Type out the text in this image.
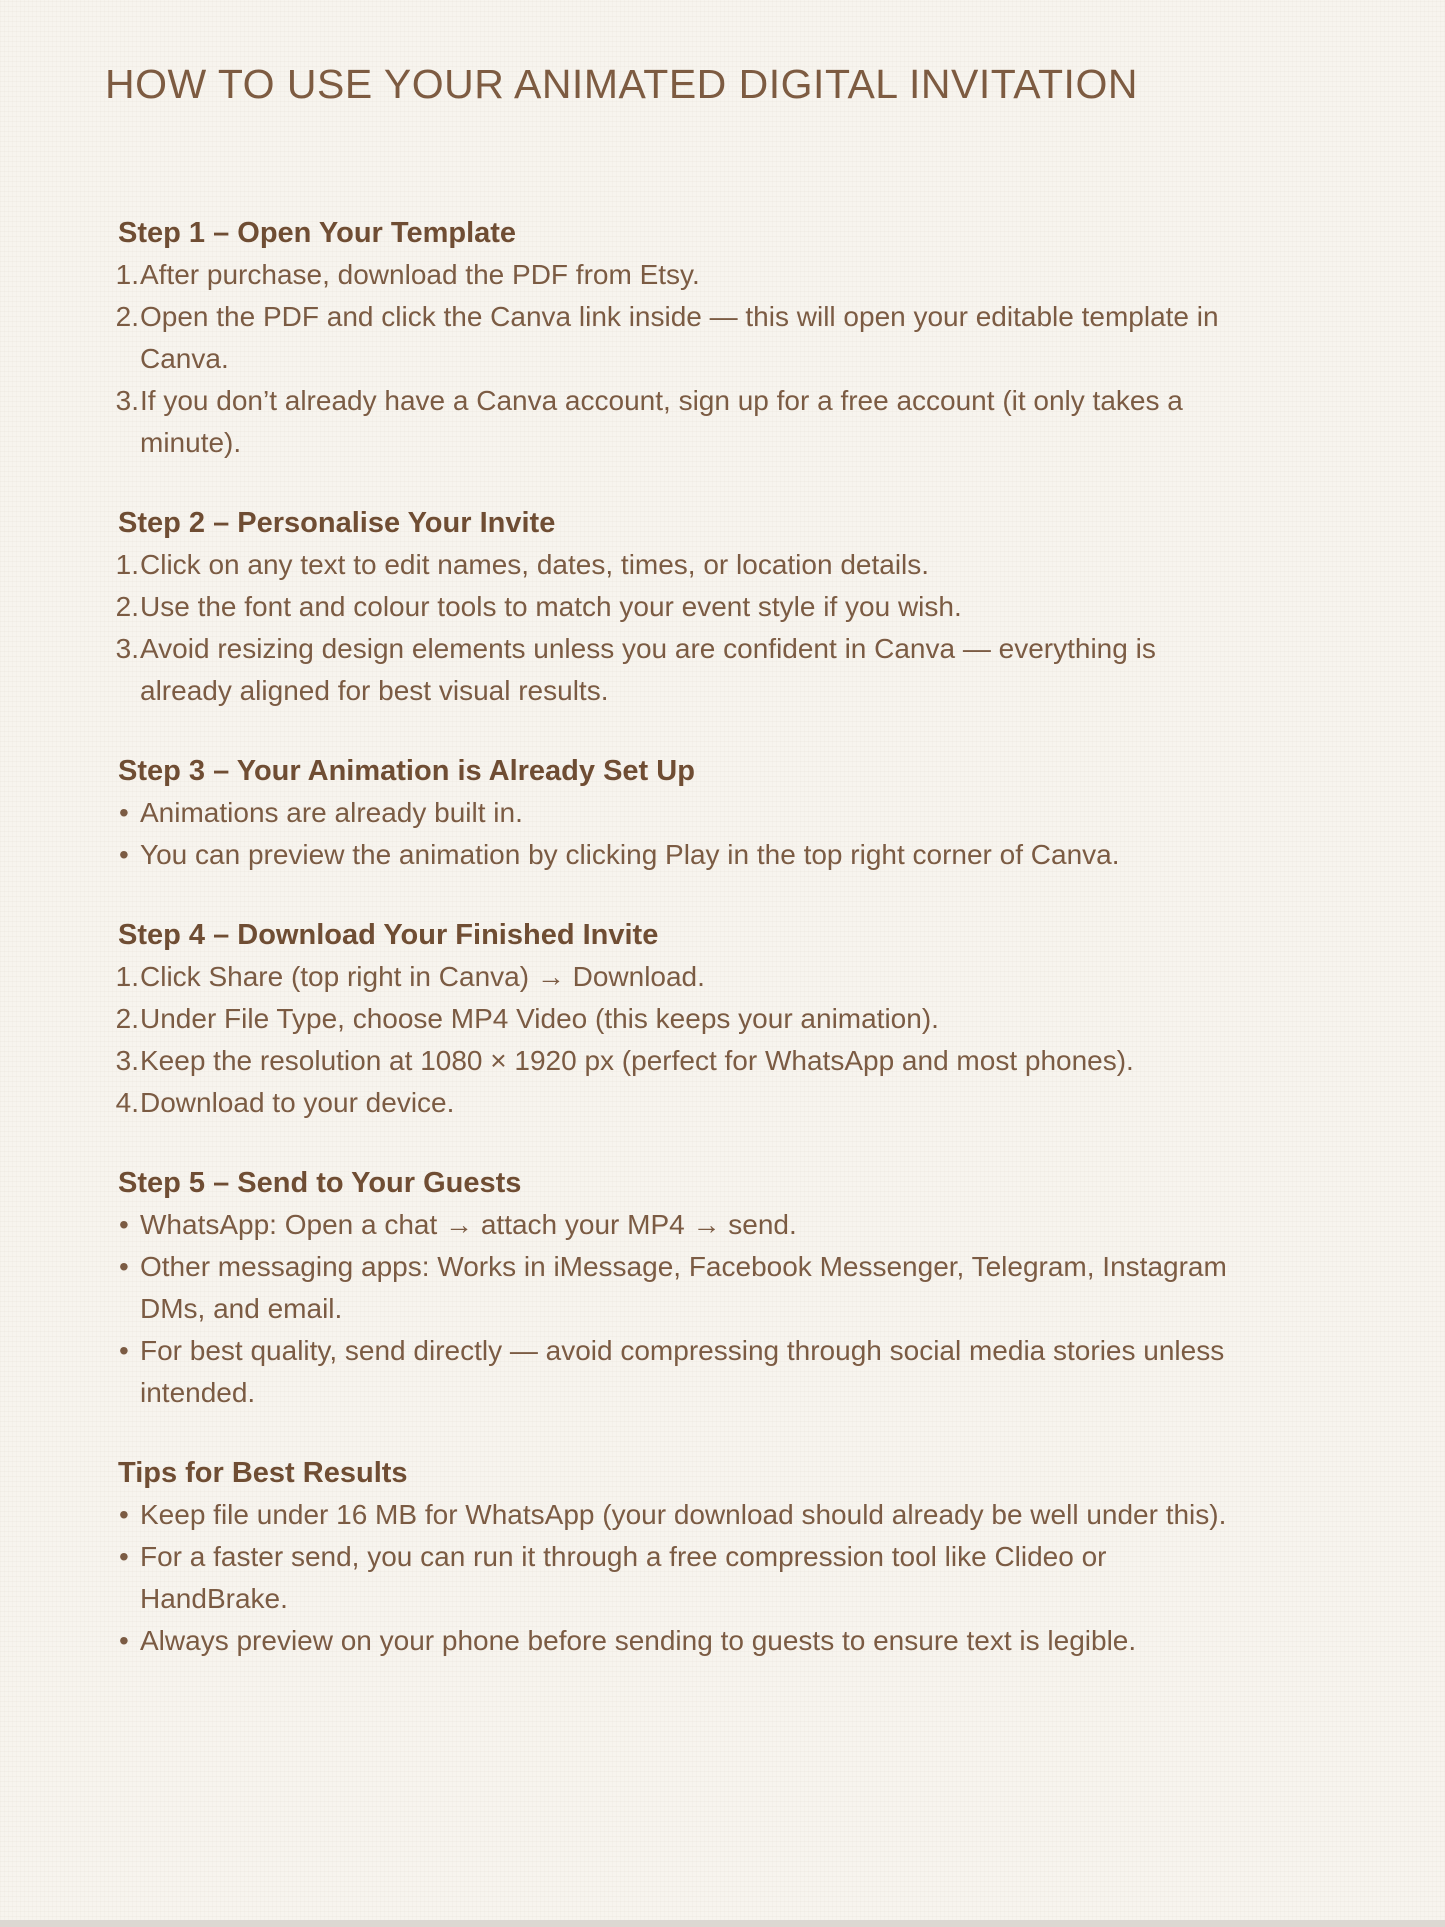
HOW TO USE YOUR ANIMATED DIGITAL INVITATION
Step 1 – Open Your Template
After purchase, download the PDF from Etsy.
Open the PDF and click the Canva link inside — this will open your editable template in Canva.
If you don’t already have a Canva account, sign up for a free account (it only takes a minute).
Step 2 – Personalise Your Invite
Click on any text to edit names, dates, times, or location details.
Use the font and colour tools to match your event style if you wish.
Avoid resizing design elements unless you are confident in Canva — everything is already aligned for best visual results.
Step 3 – Your Animation is Already Set Up
• Animations are already built in.
• You can preview the animation by clicking Play in the top right corner of Canva.
Step 4 – Download Your Finished Invite
Click Share (top right in Canva) → Download.
Under File Type, choose MP4 Video (this keeps your animation).
Keep the resolution at 1080 × 1920 px (perfect for WhatsApp and most phones).
Download to your device.
Step 5 – Send to Your Guests
• WhatsApp: Open a chat → attach your MP4 → send.
• Other messaging apps: Works in iMessage, Facebook Messenger, Telegram, Instagram DMs, and email.
• For best quality, send directly — avoid compressing through social media stories unless intended.
Tips for Best Results
• Keep file under 16 MB for WhatsApp (your download should already be well under this).
• For a faster send, you can run it through a free compression tool like Clideo or HandBrake.
• Always preview on your phone before sending to guests to ensure text is legible.
